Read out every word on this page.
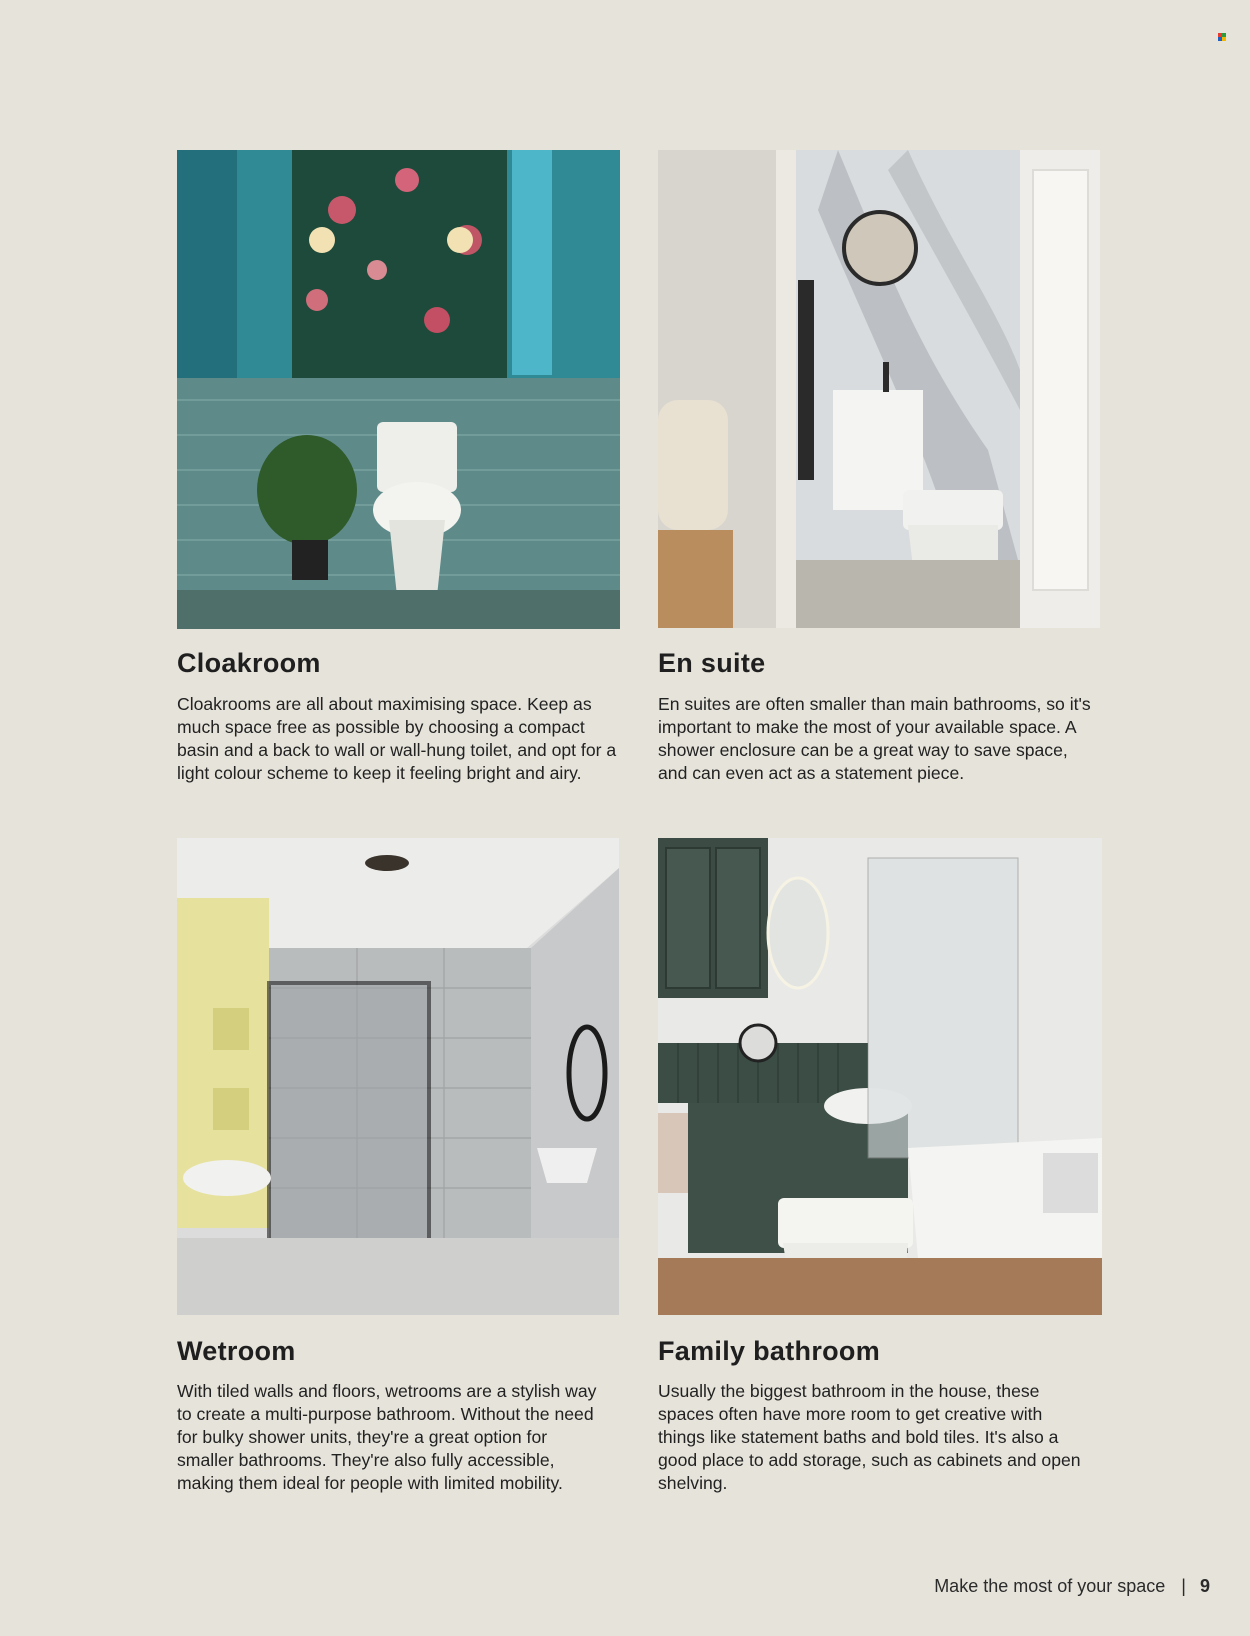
Cloakroom

Cloakrooms are all about maximising space. Keep as much space free as possible by choosing a compact basin and a back to wall or wall-hung toilet, and opt for a light colour scheme to keep it feeling bright and airy.

En suite

En suites are often smaller than main bathrooms, so it's important to make the most of your available space. A shower enclosure can be a great way to save space, and can even act as a statement piece.

Wetroom

With tiled walls and floors, wetrooms are a stylish way to create a multi-purpose bathroom. Without the need for bulky shower units, they're a great option for smaller bathrooms. They're also fully accessible, making them ideal for people with limited mobility.

Family bathroom

Usually the biggest bathroom in the house, these spaces often have more room to get creative with things like statement baths and bold tiles. It's also a good place to add storage, such as cabinets and open shelving.

Make the most of your space | 9
